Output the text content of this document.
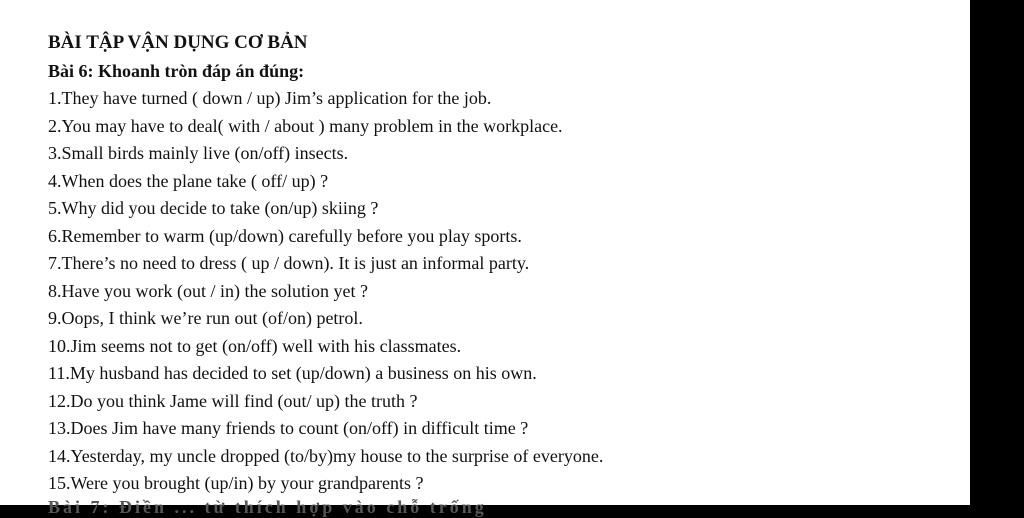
BÀI TẬP VẬN DỤNG CƠ BẢN
Bài 6: Khoanh tròn đáp án đúng:
1.They have turned ( down / up) Jim’s application for the job.
2.You may have to deal( with / about ) many problem in the workplace.
3.Small birds mainly live (on/off) insects.
4.When does the plane take ( off/ up) ?
5.Why did you decide to take (on/up) skiing ?
6.Remember to warm (up/down) carefully before you play sports.
7.There’s no need to dress ( up / down). It is just an informal party.
8.Have you work (out / in) the solution yet ?
9.Oops, I think we’re run out (of/on) petrol.
10.Jim seems not to get (on/off) well with his classmates.
11.My husband has decided to set (up/down) a business on his own.
12.Do you think Jame will find (out/ up) the truth ?
13.Does Jim have many friends to count (on/off) in difficult time ?
14.Yesterday, my uncle dropped (to/by)my house to the surprise of everyone.
15.Were you brought (up/in) by your grandparents ?
Bài 7: Điền ... từ thích hợp vào chỗ trống
